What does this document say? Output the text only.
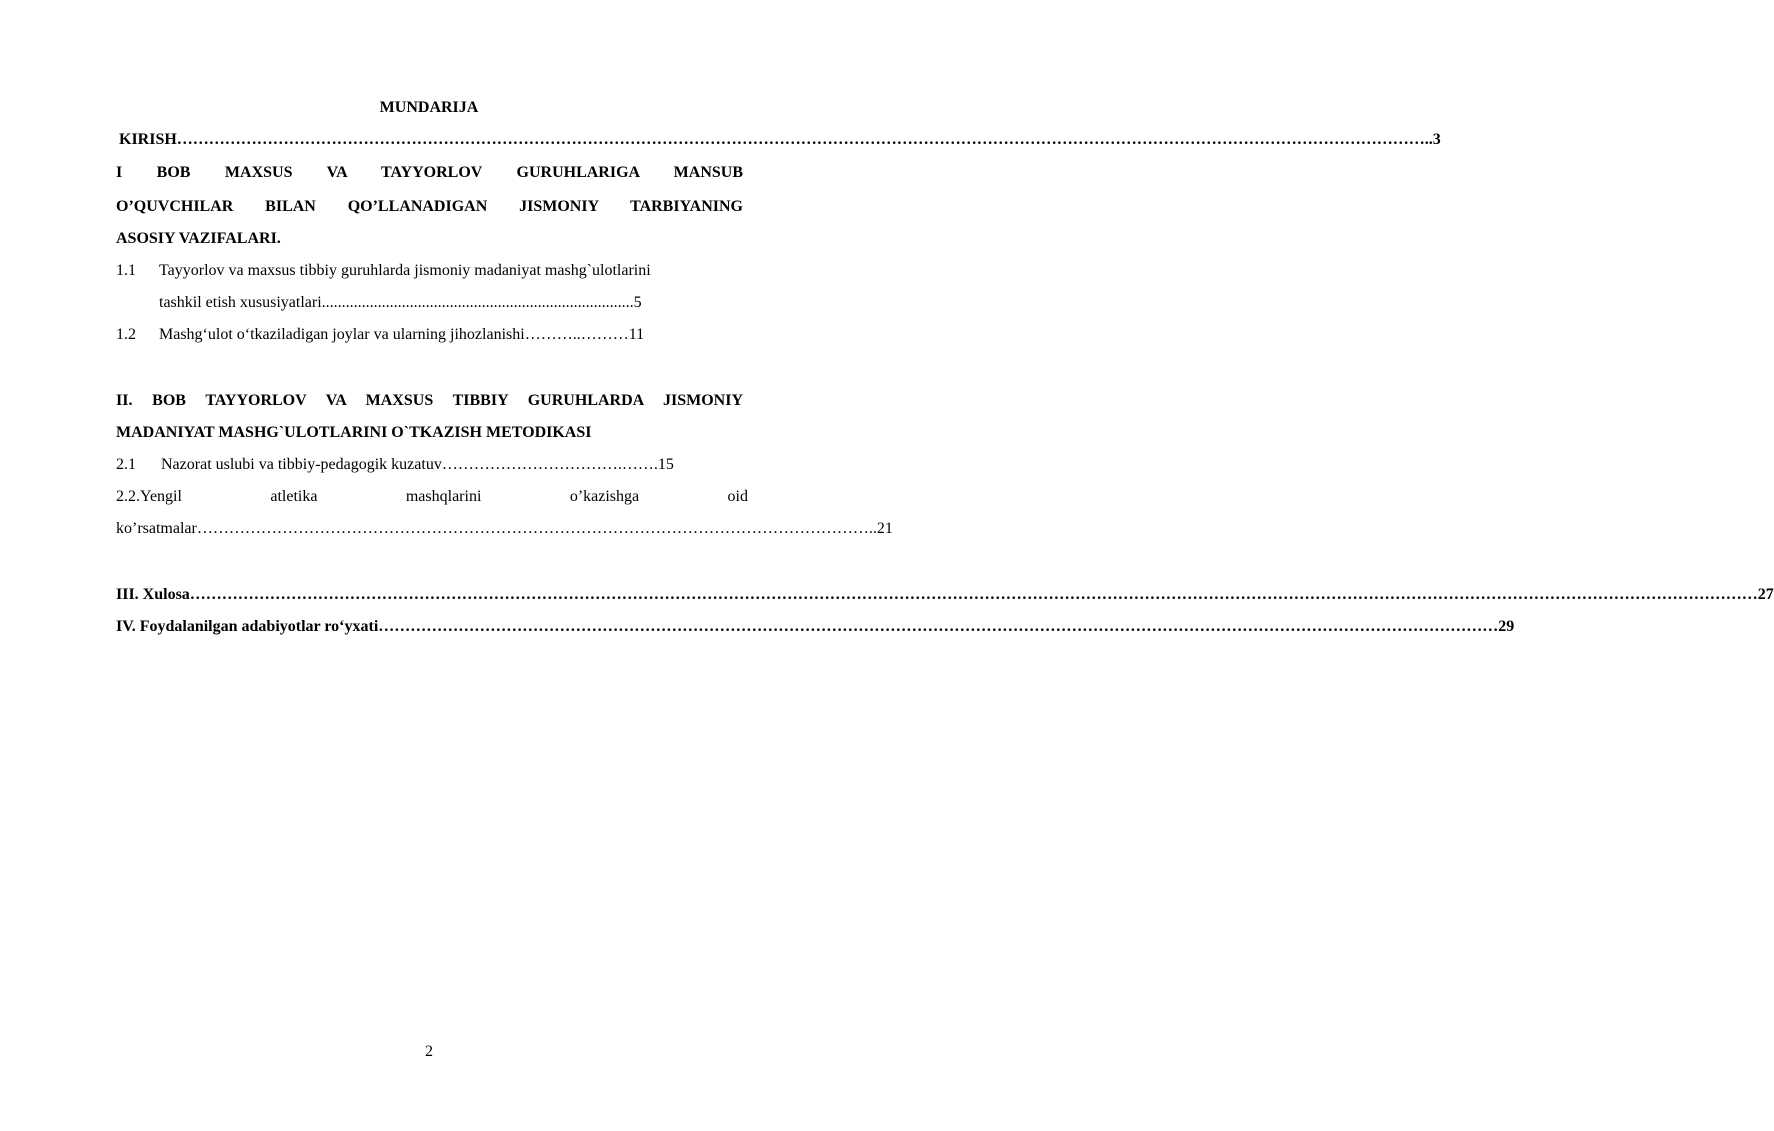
MUNDARIJA
KIRISH………………………………………………………………………………………………………………………………………………………………………………………………………………..3
I BOB MAXSUS VA TAYYORLOV GURUHLARIGA MANSUB
O’QUVCHILAR BILAN QO’LLANADIGAN JISMONIY TARBIYANING
ASOSIY VAZIFALARI.
1.1 Tayyorlov va maxsus tibbiy guruhlarda jismoniy madaniyat mashg`ulotlarini
tashkil etish xususiyatlari..............................................................................5
1.2 Mashg‘ulot o‘tkaziladigan joylar va ularning jihozlanishi………..………11
II. BOB TAYYORLOV VA MAXSUS TIBBIY GURUHLARDA JISMONIY
MADANIYAT MASHG`ULOTLARINI O`TKAZISH METODIKASI
2.1 Nazorat uslubi va tibbiy-pedagogik kuzatuv…………………………….…….15
2.2.Yengil	atletika	mashqlarini	o’kazishga	oid
ko’rsatmalar………………………………………………………………………………………………………………..21
III. Xulosa……………………………………………………………………………………………………………………………………………………………………………………………………………………………………………………………………27
IV. Foydalanilgan adabiyotlar ro‘yxati…………………………………………………………………………………………………………………………………………………………………………………………29
2
